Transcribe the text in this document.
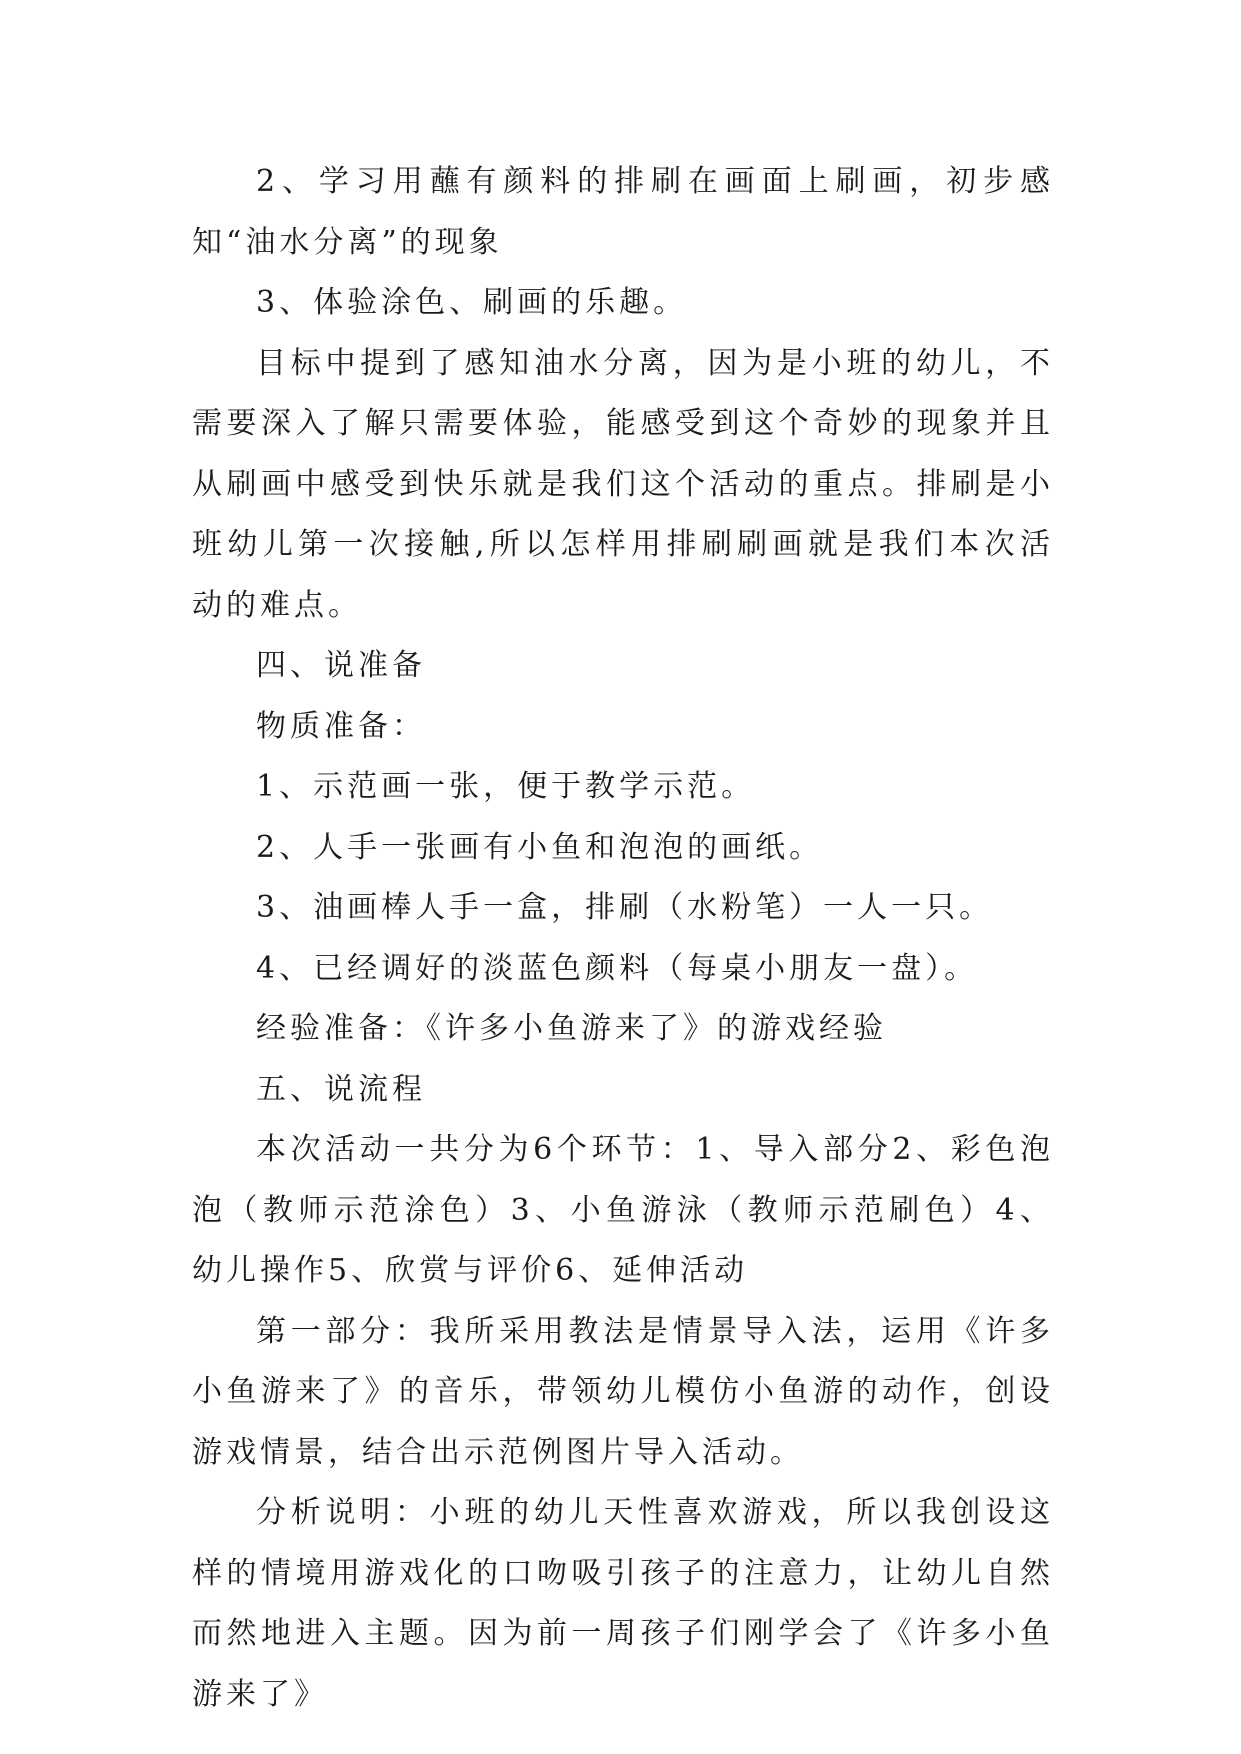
2、学习用蘸有颜料的排刷在画面上刷画，初步感知“油水分离”的现象

3、体验涂色、刷画的乐趣。

目标中提到了感知油水分离，因为是小班的幼儿，不需要深入了解只需要体验，能感受到这个奇妙的现象并且从刷画中感受到快乐就是我们这个活动的重点。排刷是小班幼儿第一次接触,所以怎样用排刷刷画就是我们本次活动的难点。

四、说准备

物质准备：

1、示范画一张，便于教学示范。

2、人手一张画有小鱼和泡泡的画纸。

3、油画棒人手一盒，排刷（水粉笔）一人一只。

4、已经调好的淡蓝色颜料（每桌小朋友一盘）。

经验准备：《许多小鱼游来了》的游戏经验

五、说流程

本次活动一共分为6个环节：1、导入部分2、彩色泡泡（教师示范涂色）3、小鱼游泳（教师示范刷色）4、幼儿操作5、欣赏与评价6、延伸活动

第一部分：我所采用教法是情景导入法，运用《许多小鱼游来了》的音乐，带领幼儿模仿小鱼游的动作，创设游戏情景，结合出示范例图片导入活动。

分析说明：小班的幼儿天性喜欢游戏，所以我创设这样的情境用游戏化的口吻吸引孩子的注意力，让幼儿自然而然地进入主题。因为前一周孩子们刚学会了《许多小鱼游来了》
